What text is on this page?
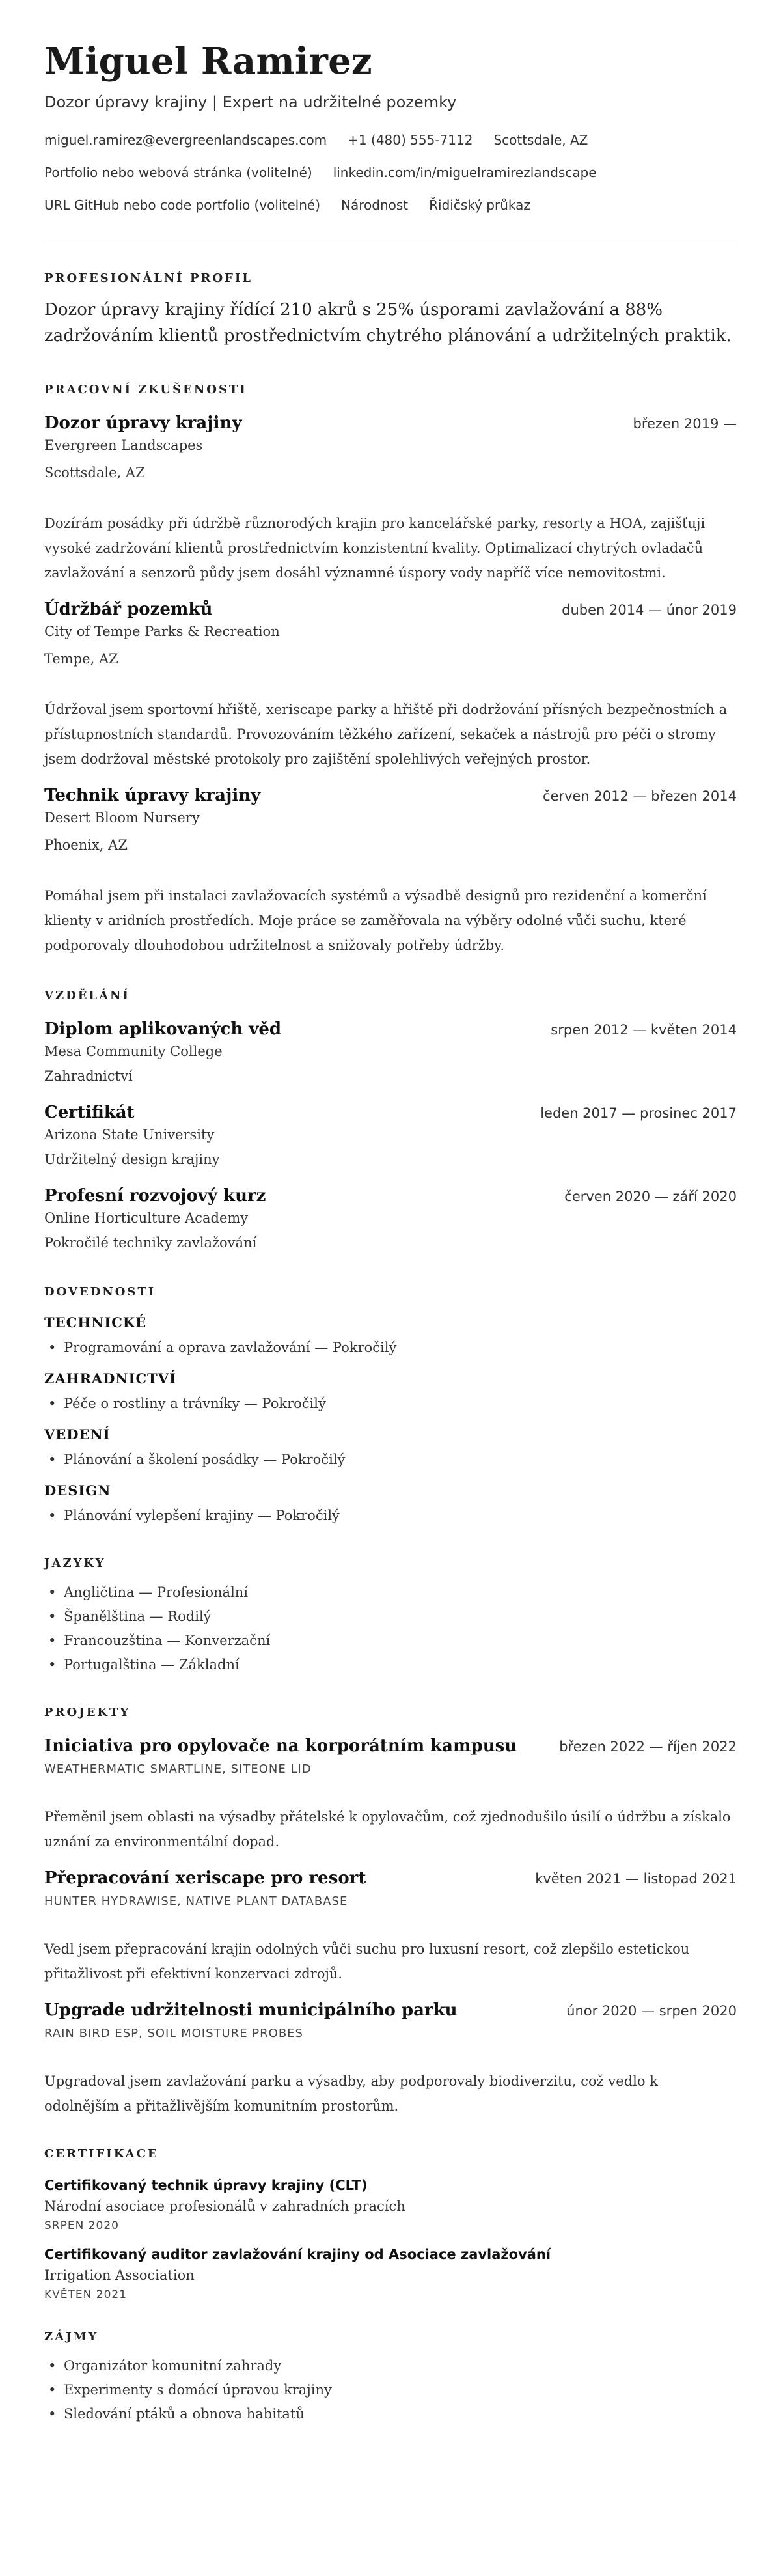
Miguel Ramirez
Dozor úpravy krajiny | Expert na udržitelné pozemky
miguel.ramirez@evergreenlandscapes.com +1 (480) 555-7112 Scottsdale, AZ
Portfolio nebo webová stránka (volitelné) linkedin.com/in/miguelramirezlandscape
URL GitHub nebo code portfolio (volitelné) Národnost Řidičský průkaz
PROFESIONÁLNÍ PROFIL

Dozor úpravy krajiny řídící 210 akrů s 25% úsporami zavlažování a 88% zadržováním klientů prostřednictvím chytrého plánování a udržitelných praktik.

PRACOVNÍ ZKUŠENOSTI
Dozor úpravy krajiny	březen 2019 —
Evergreen Landscapes
Scottsdale, AZ

Dozírám posádky při údržbě různorodých krajin pro kancelářské parky, resorty a HOA, zajišťuji vysoké zadržování klientů prostřednictvím konzistentní kvality. Optimalizací chytrých ovladačů zavlažování a senzorů půdy jsem dosáhl významné úspory vody napříč více nemovitostmi.

Údržbář pozemků	duben 2014 — únor 2019
City of Tempe Parks & Recreation
Tempe, AZ

Údržoval jsem sportovní hřiště, xeriscape parky a hřiště při dodržování přísných bezpečnostních a přístupnostních standardů. Provozováním těžkého zařízení, sekaček a nástrojů pro péči o stromy jsem dodržoval městské protokoly pro zajištění spolehlivých veřejných prostor.

Technik úpravy krajiny	červen 2012 — březen 2014
Desert Bloom Nursery
Phoenix, AZ

Pomáhal jsem při instalaci zavlažovacích systémů a výsadbě designů pro rezidenční a komerční klienty v aridních prostředích. Moje práce se zaměřovala na výběry odolné vůči suchu, které podporovaly dlouhodobou udržitelnost a snižovaly potřeby údržby.

VZDĚLÁNÍ
Diplom aplikovaných věd	srpen 2012 — květen 2014
Mesa Community College
Zahradnictví
Certifikát	leden 2017 — prosinec 2017
Arizona State University
Udržitelný design krajiny
Profesní rozvojový kurz	červen 2020 — září 2020
Online Horticulture Academy
Pokročilé techniky zavlažování
DOVEDNOSTI
TECHNICKÉ
• Programování a oprava zavlažování — Pokročilý
ZAHRADNICTVÍ
• Péče o rostliny a trávníky — Pokročilý
VEDENÍ
• Plánování a školení posádky — Pokročilý
DESIGN
• Plánování vylepšení krajiny — Pokročilý
JAZYKY
• Angličtina — Profesionální
• Španělština — Rodilý
• Francouzština — Konverzační
• Portugalština — Základní
PROJEKTY
Iniciativa pro opylovače na korporátním kampusu	březen 2022 — říjen 2022
WEATHERMATIC SMARTLINE, SITEONE LID

Přeměnil jsem oblasti na výsadby přátelské k opylovačům, což zjednodušilo úsilí o údržbu a získalo uznání za environmentální dopad.

Přepracování xeriscape pro resort	květen 2021 — listopad 2021
HUNTER HYDRAWISE, NATIVE PLANT DATABASE

Vedl jsem přepracování krajin odolných vůči suchu pro luxusní resort, což zlepšilo estetickou přitažlivost při efektivní konzervaci zdrojů.

Upgrade udržitelnosti municipálního parku	únor 2020 — srpen 2020
RAIN BIRD ESP, SOIL MOISTURE PROBES

Upgradoval jsem zavlažování parku a výsadby, aby podporovaly biodiverzitu, což vedlo k odolnějším a přitažlivějším komunitním prostorům.

CERTIFIKACE
Certifikovaný technik úpravy krajiny (CLT)
Národní asociace profesionálů v zahradních pracích
SRPEN 2020
Certifikovaný auditor zavlažování krajiny od Asociace zavlažování
Irrigation Association
KVĚTEN 2021
ZÁJMY
• Organizátor komunitní zahrady
• Experimenty s domácí úpravou krajiny
• Sledování ptáků a obnova habitatů
